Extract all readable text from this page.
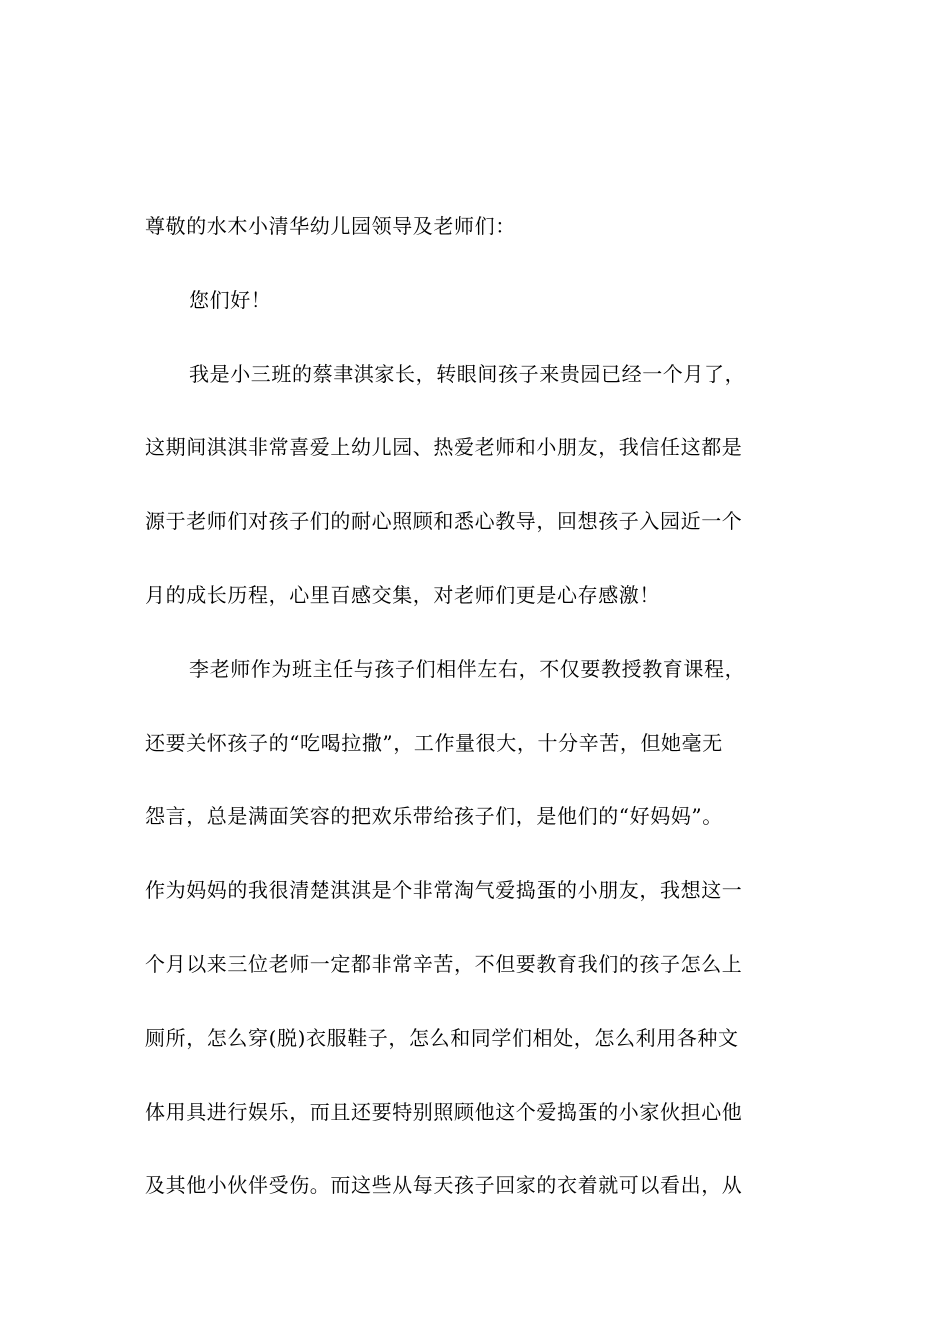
尊敬的水木小清华幼儿园领导及老师们：
您们好！
我是小三班的蔡聿淇家长，转眼间孩子来贵园已经一个月了，
这期间淇淇非常喜爱上幼儿园、热爱老师和小朋友，我信任这都是
源于老师们对孩子们的耐心照顾和悉心教导，回想孩子入园近一个
月的成长历程，心里百感交集，对老师们更是心存感激！
李老师作为班主任与孩子们相伴左右，不仅要教授教育课程，
还要关怀孩子的“吃喝拉撒”，工作量很大，十分辛苦，但她毫无
怨言，总是满面笑容的把欢乐带给孩子们，是他们的“好妈妈”。
作为妈妈的我很清楚淇淇是个非常淘气爱捣蛋的小朋友，我想这一
个月以来三位老师一定都非常辛苦，不但要教育我们的孩子怎么上
厕所，怎么穿(脱)衣服鞋子，怎么和同学们相处，怎么利用各种文
体用具进行娱乐，而且还要特别照顾他这个爱捣蛋的小家伙担心他
及其他小伙伴受伤。而这些从每天孩子回家的衣着就可以看出，从
